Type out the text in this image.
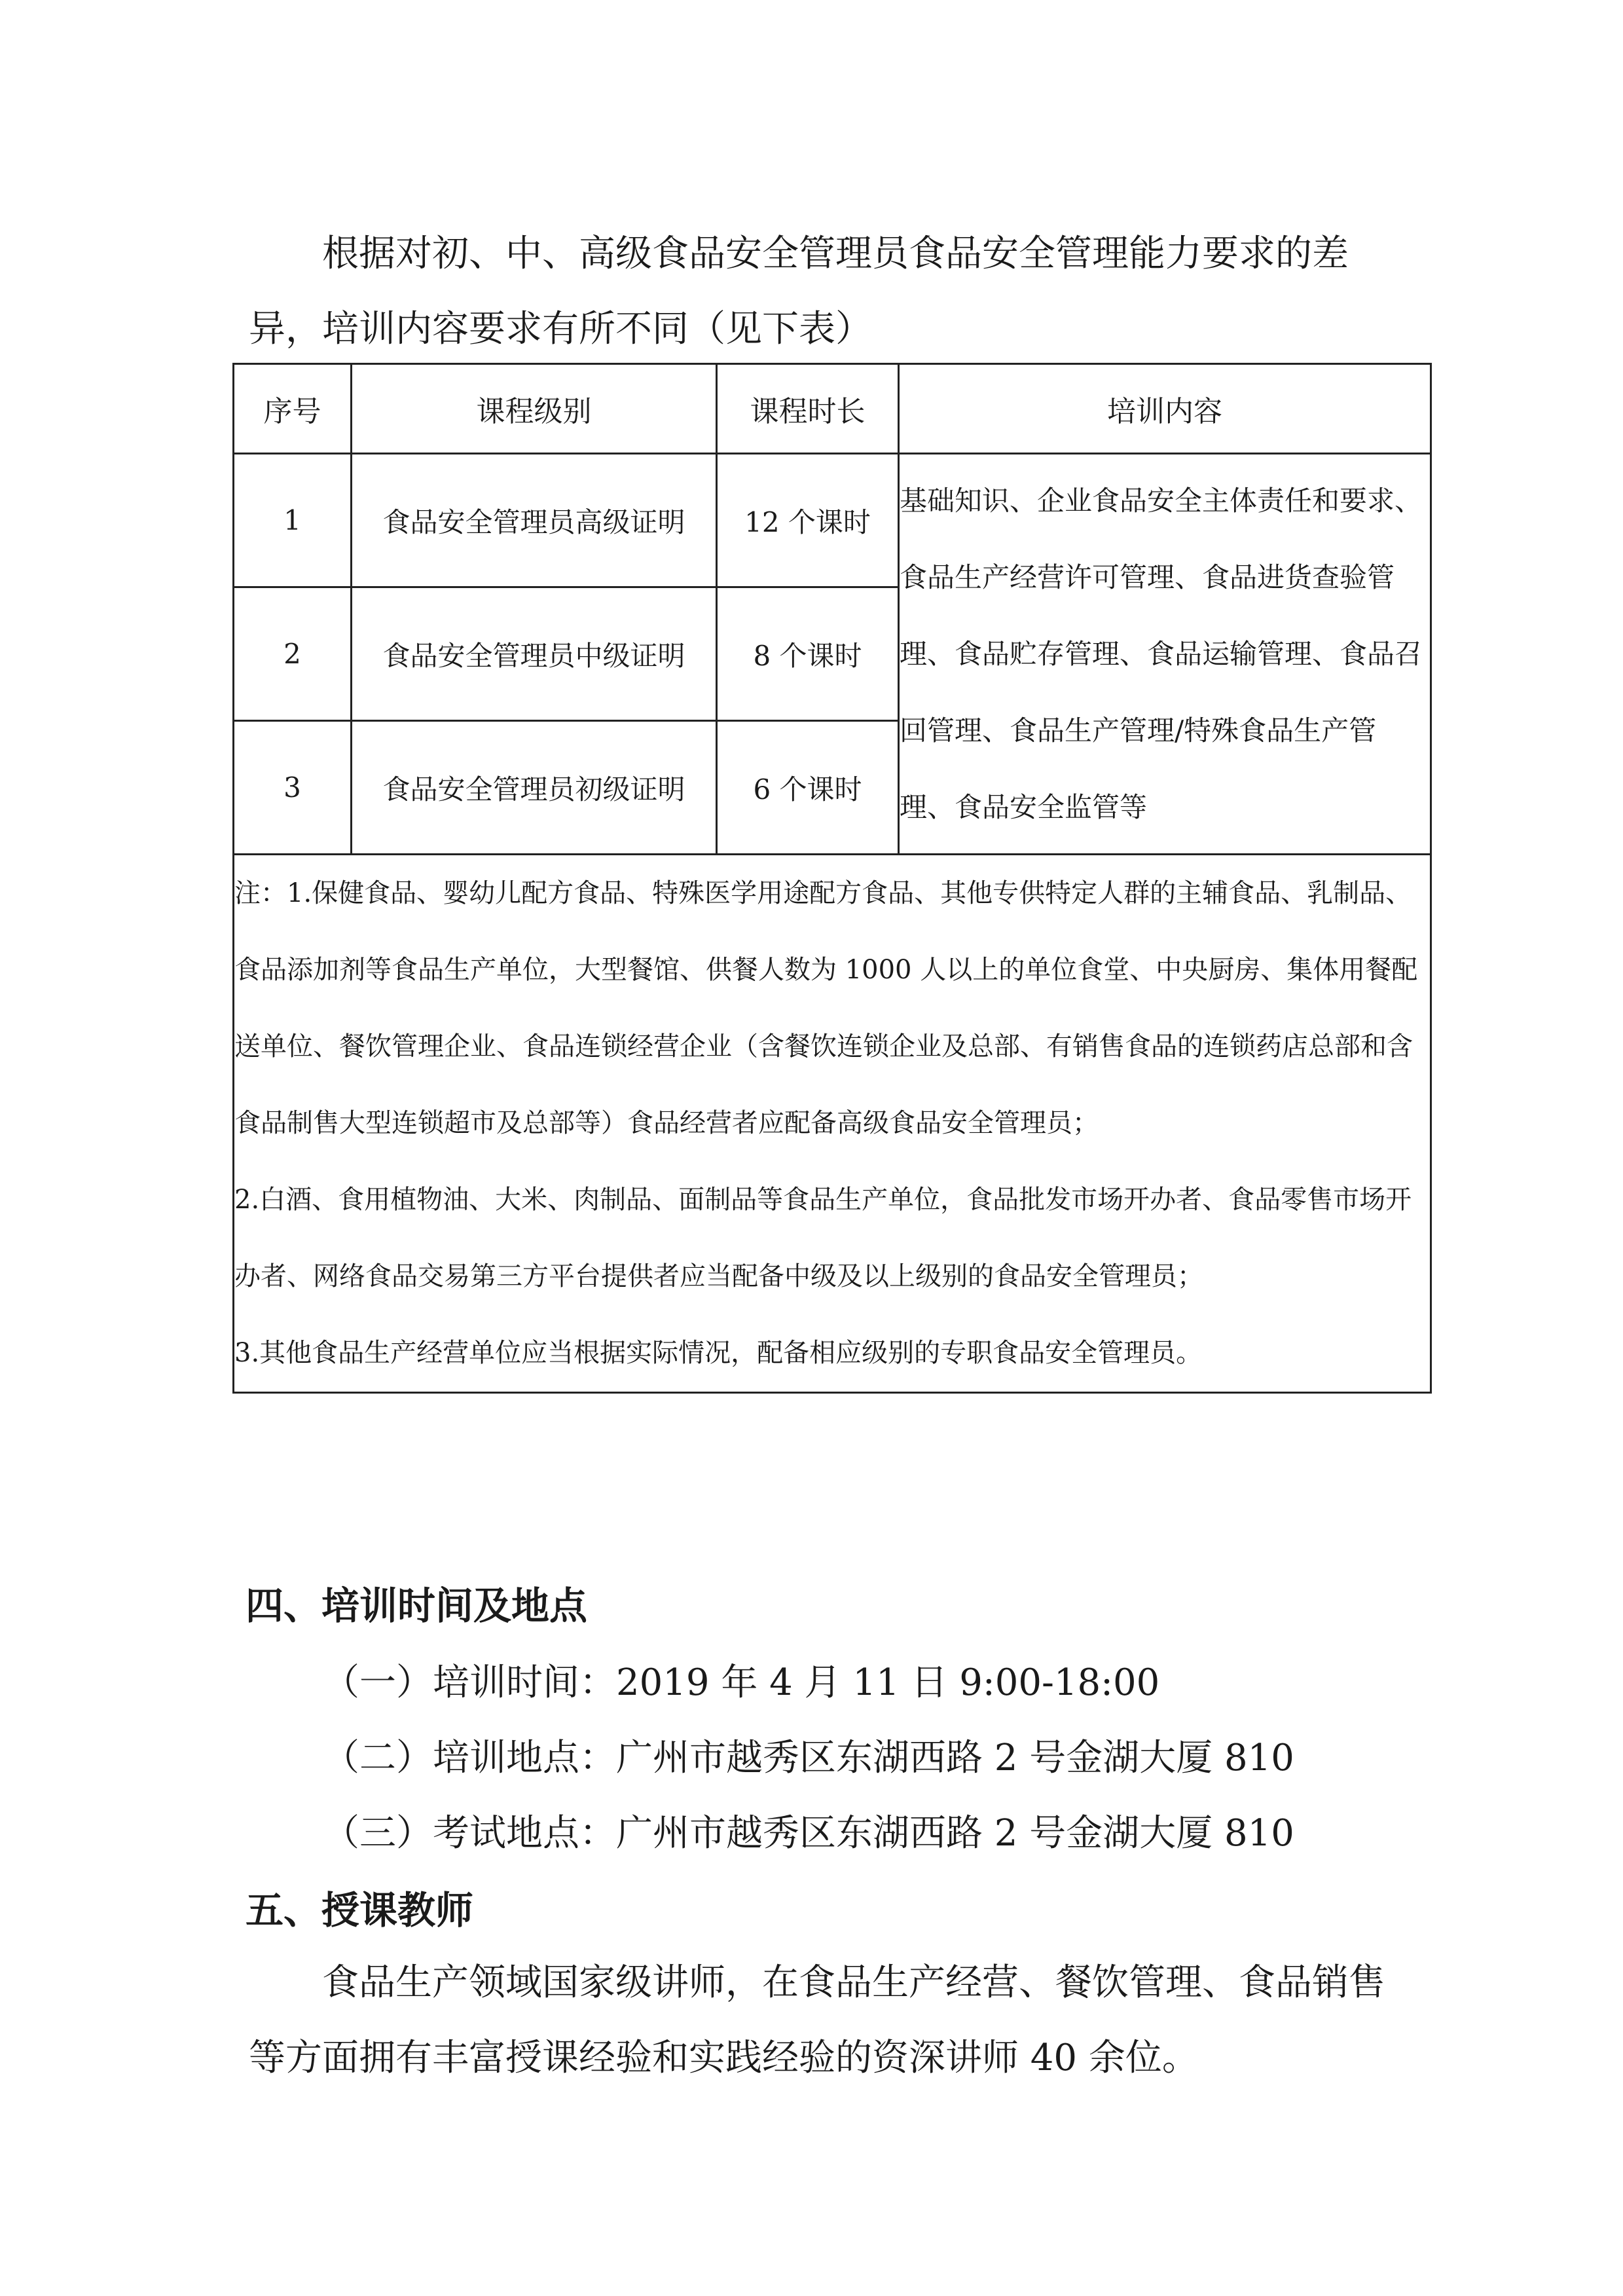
根据对初、中、高级食品安全管理员食品安全管理能力要求的差异，培训内容要求有所不同（见下表）

序号	课程级别	课程时长	培训内容
1	食品安全管理员高级证明	12 个课时	基础知识、企业食品安全主体责任和要求、食品生产经营许可管理、食品进货查验管理、食品贮存管理、食品运输管理、食品召回管理、食品生产管理/特殊食品生产管理、食品安全监管等
2	食品安全管理员中级证明	8 个课时	
3	食品安全管理员初级证明	6 个课时	

注：1.保健食品、婴幼儿配方食品、特殊医学用途配方食品、其他专供特定人群的主辅食品、乳制品、食品添加剂等食品生产单位，大型餐馆、供餐人数为 1000 人以上的单位食堂、中央厨房、集体用餐配送单位、餐饮管理企业、食品连锁经营企业（含餐饮连锁企业及总部、有销售食品的连锁药店总部和含食品制售大型连锁超市及总部等）食品经营者应配备高级食品安全管理员；

2.白酒、食用植物油、大米、肉制品、面制品等食品生产单位，食品批发市场开办者、食品零售市场开办者、网络食品交易第三方平台提供者应当配备中级及以上级别的食品安全管理员；

3.其他食品生产经营单位应当根据实际情况，配备相应级别的专职食品安全管理员。			

四、培训时间及地点

（一）培训时间：2019 年 4 月 11 日 9:00-18:00

（二）培训地点：广州市越秀区东湖西路 2 号金湖大厦 810

（三）考试地点：广州市越秀区东湖西路 2 号金湖大厦 810

五、授课教师

食品生产领域国家级讲师，在食品生产经营、餐饮管理、食品销售等方面拥有丰富授课经验和实践经验的资深讲师 40 余位。
